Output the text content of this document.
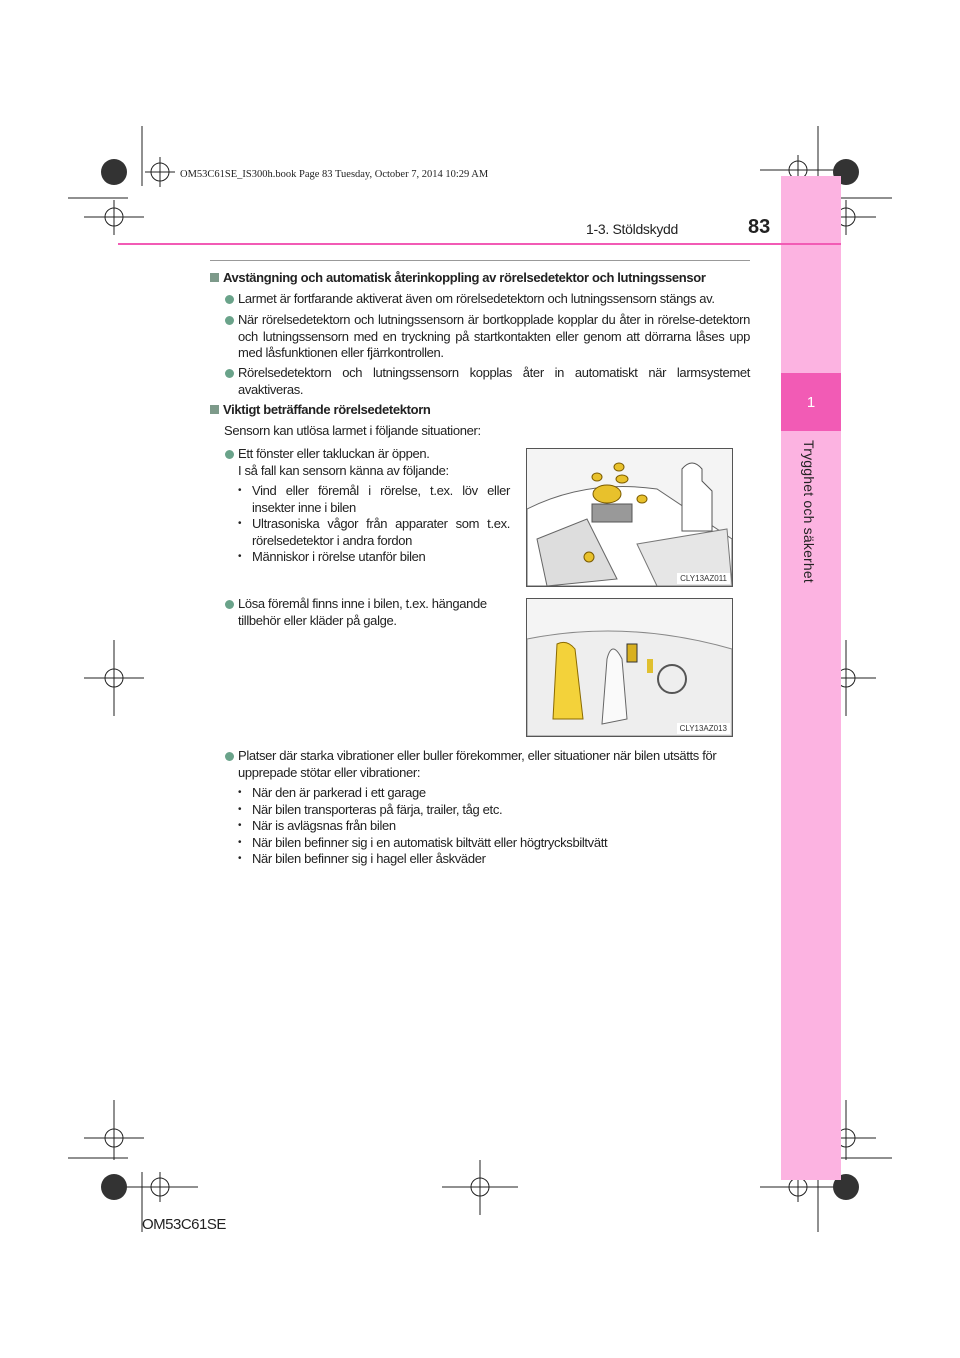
OM53C61SE_IS300h.book Page 83 Tuesday, October 7, 2014 10:29 AM
1
Trygghet och säkerhet
1-3. Stöldskydd	83
Avstängning och automatisk återinkoppling av rörelsedetektor och lutningssensor
Larmet är fortfarande aktiverat även om rörelsedetektorn och lutningssensorn stängs av.
När rörelsedetektorn och lutningssensorn är bortkopplade kopplar du åter in rörelse-detektorn och lutningssensorn med en tryckning på startkontakten eller genom att dörrarna låses upp med låsfunktionen eller fjärrkontrollen.
Rörelsedetektorn och lutningssensorn kopplas åter in automatiskt när larmsystemet avaktiveras.
Viktigt beträffande rörelsedetektorn
Sensorn kan utlösa larmet i följande situationer:
Ett fönster eller takluckan är öppen.
I så fall kan sensorn känna av följande:
• Vind eller föremål i rörelse, t.ex. löv eller insekter inne i bilen
• Ultrasoniska vågor från apparater som t.ex. rörelsedetektor i andra fordon
• Människor i rörelse utanför bilen
CLY13AZ011
Lösa föremål finns inne i bilen, t.ex. hängande tillbehör eller kläder på galge.
CLY13AZ013
Platser där starka vibrationer eller buller förekommer, eller situationer när bilen utsätts för upprepade stötar eller vibrationer:
• När den är parkerad i ett garage
• När bilen transporteras på färja, trailer, tåg etc.
• När is avlägsnas från bilen
• När bilen befinner sig i en automatisk biltvätt eller högtrycksbiltvätt
• När bilen befinner sig i hagel eller åskväder
OM53C61SE
